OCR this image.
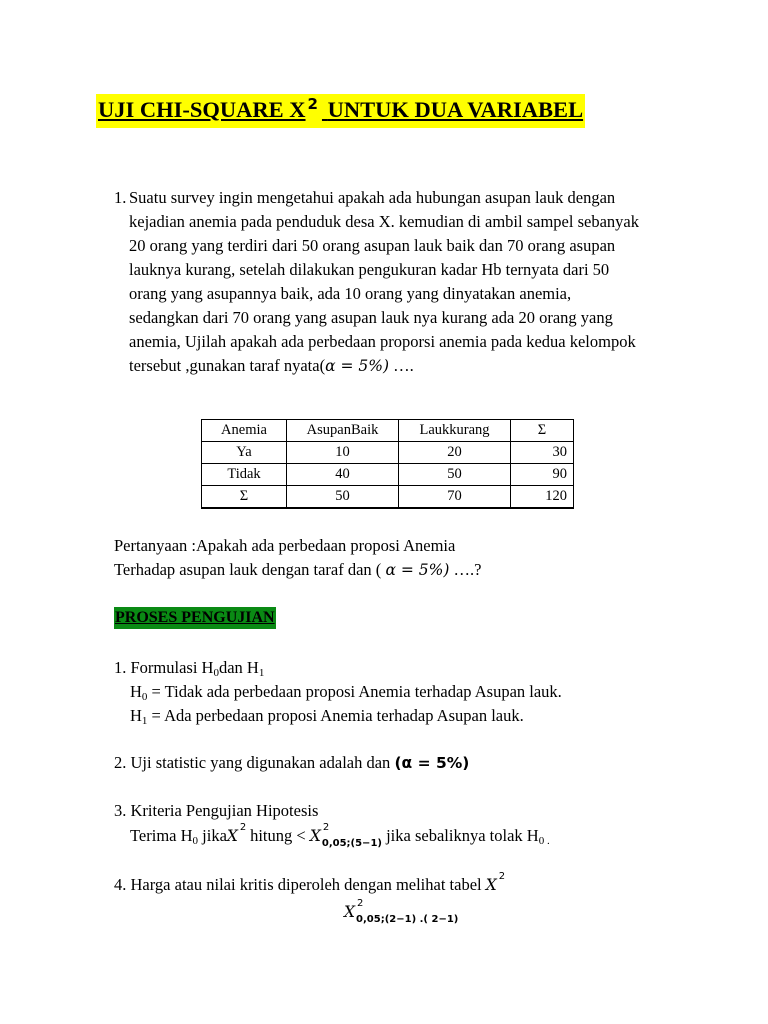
UJI CHI-SQUARE X 2 UNTUK DUA VARIABEL
1. Suatu survey ingin mengetahui apakah ada hubungan asupan lauk dengan
kejadian anemia pada penduduk desa X. kemudian di ambil sampel sebanyak
20 orang yang terdiri dari 50 orang asupan lauk baik dan 70 orang asupan
lauknya kurang, setelah dilakukan pengukuran kadar Hb ternyata dari 50
orang yang asupannya baik, ada 10 orang yang dinyatakan anemia,
sedangkan dari 70 orang yang asupan lauk nya kurang ada 20 orang yang
anemia, Ujilah apakah ada perbedaan proporsi anemia pada kedua kelompok
tersebut ,gunakan taraf nyata(α = 5%) ….
Anemia	AsupanBaik	Laukkurang	Σ
Ya	10	20	30
Tidak	40	50	90
Σ	50	70	120
Pertanyaan :Apakah ada perbedaan proposi Anemia
Terhadap asupan lauk dengan taraf dan ( α = 5%) ….?
PROSES PENGUJIAN
1. Formulasi $H_0dan$ $H_1$
$H_0$ = Tidak ada perbedaan proposi Anemia terhadap Asupan lauk.
$H_1$ = Ada perbedaan proposi Anemia terhadap Asupan lauk.
2. Uji statistic yang digunakan adalah dan (α = 5%)
3. Kriteria Pengujian Hipotesis
Terima $H_0$ jikaX 2 hitung < X 2
$_{0,05;(5-1)}$ jika sebaliknya tolak $H_{0 .}$
4. Harga atau nilai kritis diperoleh dengan melihat tabel X 2
X 2
$_{0,05;(2-1) .( 2-1)}$
